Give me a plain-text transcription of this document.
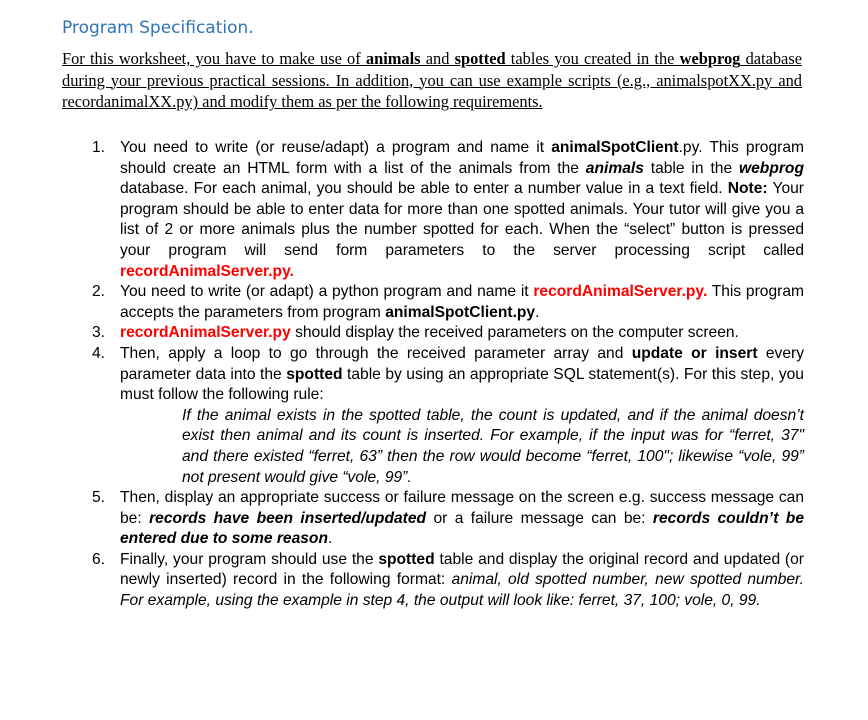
Program Specification.

For this worksheet, you have to make use of animals and spotted tables you created in the webprog database during your previous practical sessions. In addition, you can use example scripts (e.g., animalspotXX.py and recordanimalXX.py) and modify them as per the following requirements.

1. You need to write (or reuse/adapt) a program and name it animalSpotClient.py. This program should create an HTML form with a list of the animals from the animals table in the webprog database. For each animal, you should be able to enter a number value in a text field. Note: Your program should be able to enter data for more than one spotted animals. Your tutor will give you a list of 2 or more animals plus the number spotted for each. When the “select” button is pressed your program will send form parameters to the server processing script called recordAnimalServer.py.
2. You need to write (or adapt) a python program and name it recordAnimalServer.py. This program accepts the parameters from program animalSpotClient.py.
3. recordAnimalServer.py should display the received parameters on the computer screen.
4. Then, apply a loop to go through the received parameter array and update or insert every parameter data into the spotted table by using an appropriate SQL statement(s). For this step, you must follow the following rule:
If the animal exists in the spotted table, the count is updated, and if the animal doesn’t exist then animal and its count is inserted. For example, if the input was for “ferret, 37" and there existed “ferret, 63” then the row would become “ferret, 100"; likewise “vole, 99” not present would give “vole, 99”.
5. Then, display an appropriate success or failure message on the screen e.g. success message can be: records have been inserted/updated or a failure message can be: records couldn’t be entered due to some reason.
6. Finally, your program should use the spotted table and display the original record and updated (or newly inserted) record in the following format: animal, old spotted number, new spotted number. For example, using the example in step 4, the output will look like: ferret, 37, 100; vole, 0, 99.
